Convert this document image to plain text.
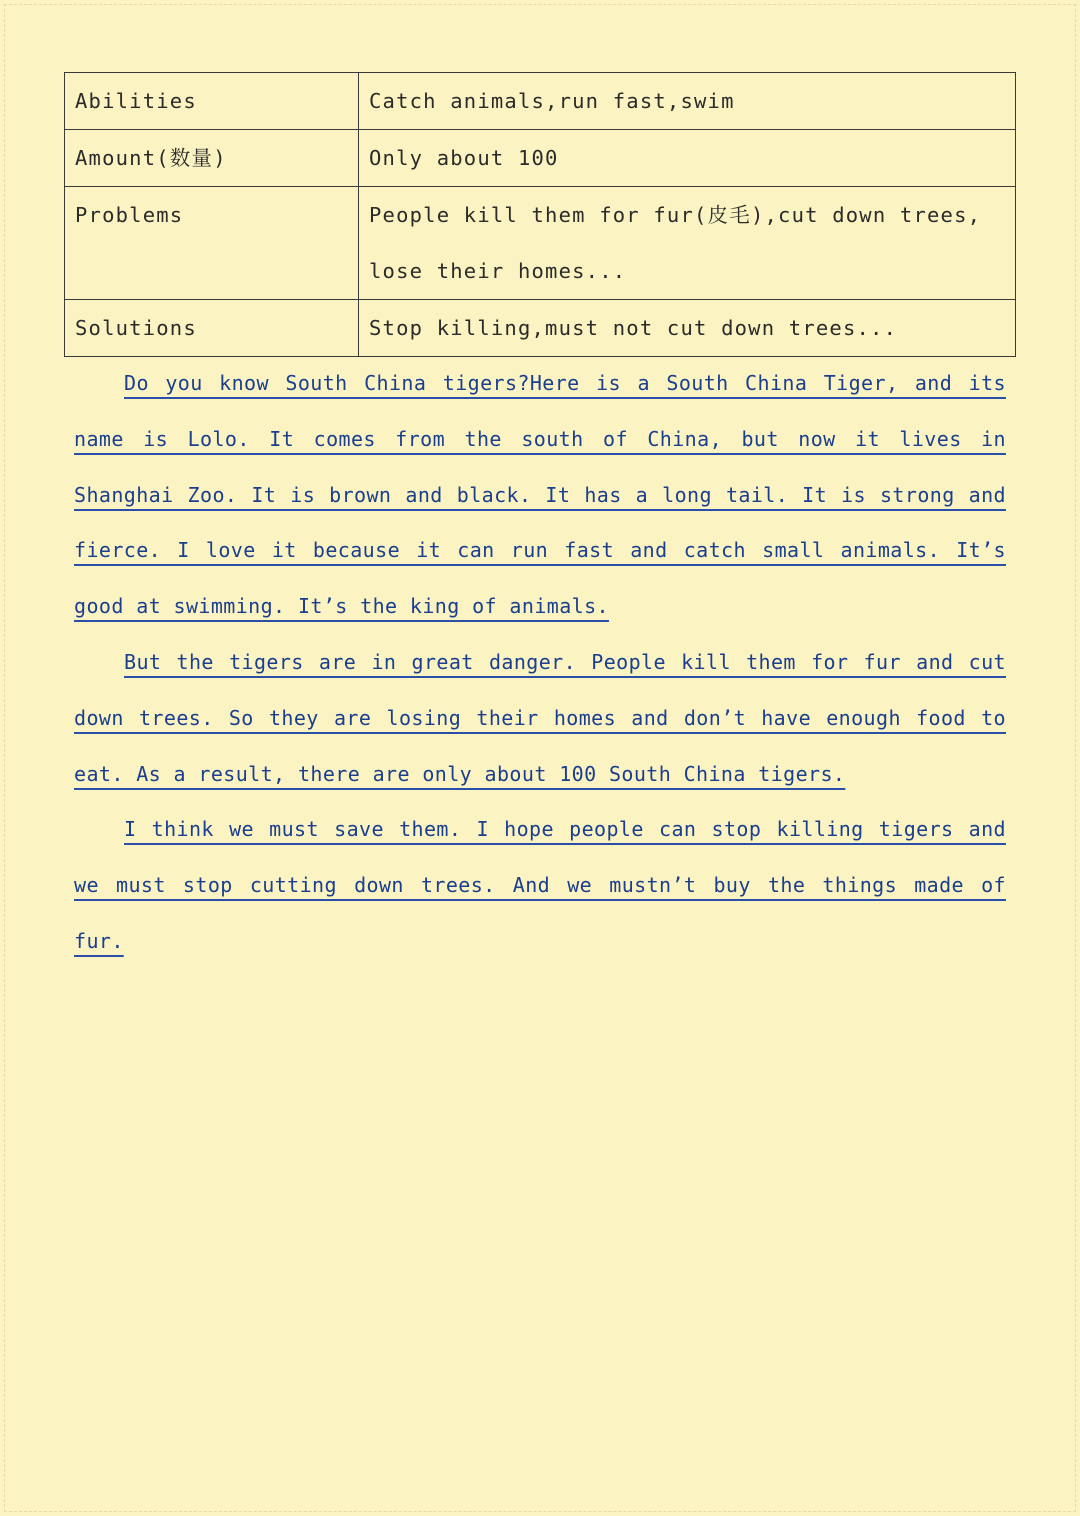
Abilities	Catch animals,run fast,swim
Amount(数量)	Only about 100
Problems	People kill them for fur(皮毛),cut down trees, lose their homes...
Solutions	Stop killing,must not cut down trees...

Do you know South China tigers?Here is a South China Tiger, and its name is Lolo. It comes from the south of China, but now it lives in Shanghai Zoo. It is brown and black. It has a long tail. It is strong and fierce. I love it because it can run fast and catch small animals. It’s good at swimming. It’s the king of animals.

But the tigers are in great danger. People kill them for fur and cut down trees. So they are losing their homes and don’t have enough food to eat. As a result, there are only about 100 South China tigers.

I think we must save them. I hope people can stop killing tigers and we must stop cutting down trees. And we mustn’t buy the things made of fur.
